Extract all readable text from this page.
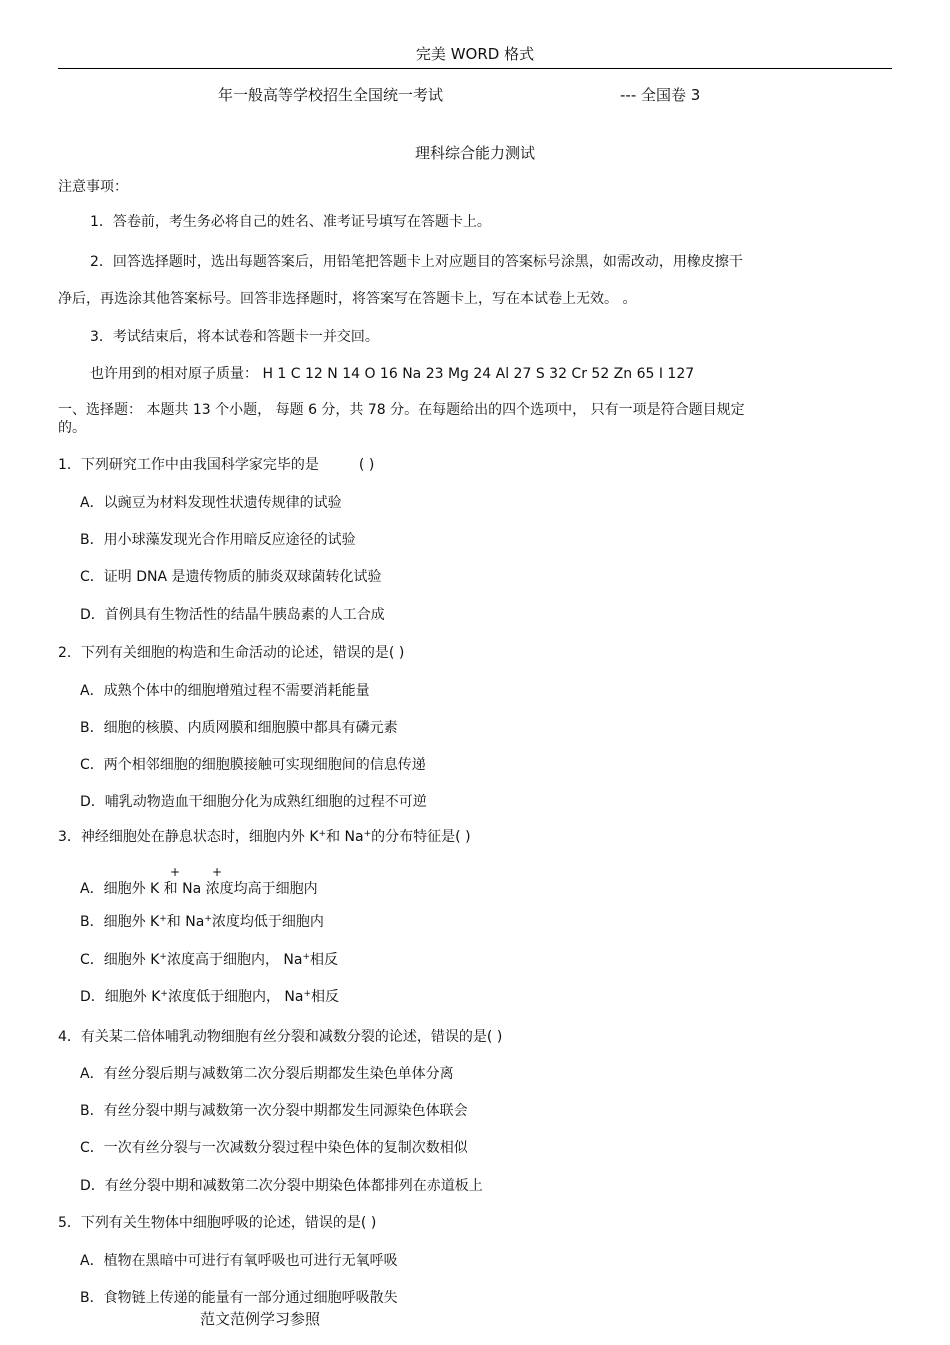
完美 WORD 格式
年一般高等学校招生全国统一考试	--- 全国卷 3
理科综合能力测试
注意事项：
1．答卷前，考生务必将自己的姓名、准考证号填写在答题卡上。
2．回答选择题时，选出每题答案后，用铅笔把答题卡上对应题目的答案标号涂黑，如需改动，用橡皮擦干
净后，再选涂其他答案标号。回答非选择题时，将答案写在答题卡上，写在本试卷上无效。 。
3．考试结束后，将本试卷和答题卡一并交回。
也许用到的相对原子质量： H 1 C 12 N 14 O 16 Na 23 Mg 24 Al 27 S 32 Cr 52 Zn 65 I 127
一、选择题： 本题共 13 个小题， 每题 6 分，共 78 分。在每题给出的四个选项中， 只有一项是符合题目规定
的。
1．下列研究工作中由我国科学家完毕的是	( )
A．以豌豆为材料发现性状遗传规律的试验
B．用小球藻发现光合作用暗反应途径的试验
C．证明 DNA 是遗传物质的肺炎双球菌转化试验
D．首例具有生物活性的结晶牛胰岛素的人工合成
2．下列有关细胞的构造和生命活动的论述，错误的是( )
A．成熟个体中的细胞增殖过程不需要消耗能量
B．细胞的核膜、内质网膜和细胞膜中都具有磷元素
C．两个相邻细胞的细胞膜接触可实现细胞间的信息传递
D．哺乳动物造血干细胞分化为成熟红细胞的过程不可逆
3．神经细胞处在静息状态时，细胞内外 K+和 Na+的分布特征是( )
+	+
A．细胞外 K 和 Na 浓度均高于细胞内
B．细胞外 K+和 Na+浓度均低于细胞内
C．细胞外 K+浓度高于细胞内， Na+相反
D．细胞外 K+浓度低于细胞内， Na+相反
4．有关某二倍体哺乳动物细胞有丝分裂和减数分裂的论述，错误的是( )
A．有丝分裂后期与减数第二次分裂后期都发生染色单体分离
B．有丝分裂中期与减数第一次分裂中期都发生同源染色体联会
C．一次有丝分裂与一次减数分裂过程中染色体的复制次数相似
D．有丝分裂中期和减数第二次分裂中期染色体都排列在赤道板上
5．下列有关生物体中细胞呼吸的论述，错误的是( )
A．植物在黑暗中可进行有氧呼吸也可进行无氧呼吸
B．食物链上传递的能量有一部分通过细胞呼吸散失
范文范例学习参照
